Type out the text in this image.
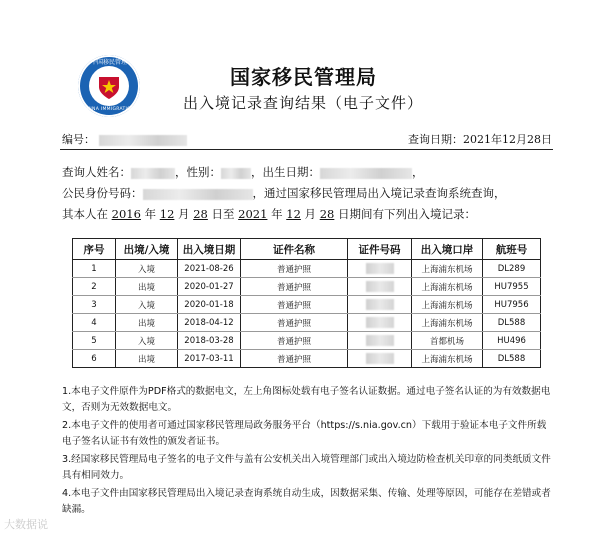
中国移民管理
CHINA IMMIGRATION
国家移民管理局
出入境记录查询结果（电子文件）
编号：	查询日期：2021年12月28日
查询人姓名：	，性别：	，出生日期：	，
公民身份号码：	，通过国家移民管理局出入境记录查询系统查询，
其本人在 2016 年 12 月 28 日至 2021 年 12 月 28 日期间有下列出入境记录：
序号	出境/入境	出入境日期	证件名称	证件号码	出入境口岸	航班号
1	入境	2021-08-26	普通护照		上海浦东机场	DL289
2	出境	2020-01-27	普通护照		上海浦东机场	HU7955
3	入境	2020-01-18	普通护照		上海浦东机场	HU7956
4	出境	2018-04-12	普通护照		上海浦东机场	DL588
5	入境	2018-03-28	普通护照		首都机场	HU496
6	出境	2017-03-11	普通护照		上海浦东机场	DL588

1.本电子文件原件为PDF格式的数据电文，左上角图标处载有电子签名认证数据。通过电子签名认证的为有效数据电文，否则为无效数据电文。

2.本电子文件的使用者可通过国家移民管理局政务服务平台（https://s.nia.gov.cn）下载用于验证本电子文件所载电子签名认证书有效性的颁发者证书。

3.经国家移民管理局电子签名的电子文件与盖有公安机关出入境管理部门或出入境边防检查机关印章的同类纸质文件具有相同效力。

4.本电子文件由国家移民管理局出入境记录查询系统自动生成，因数据采集、传输、处理等原因，可能存在差错或者缺漏。

大数据说
